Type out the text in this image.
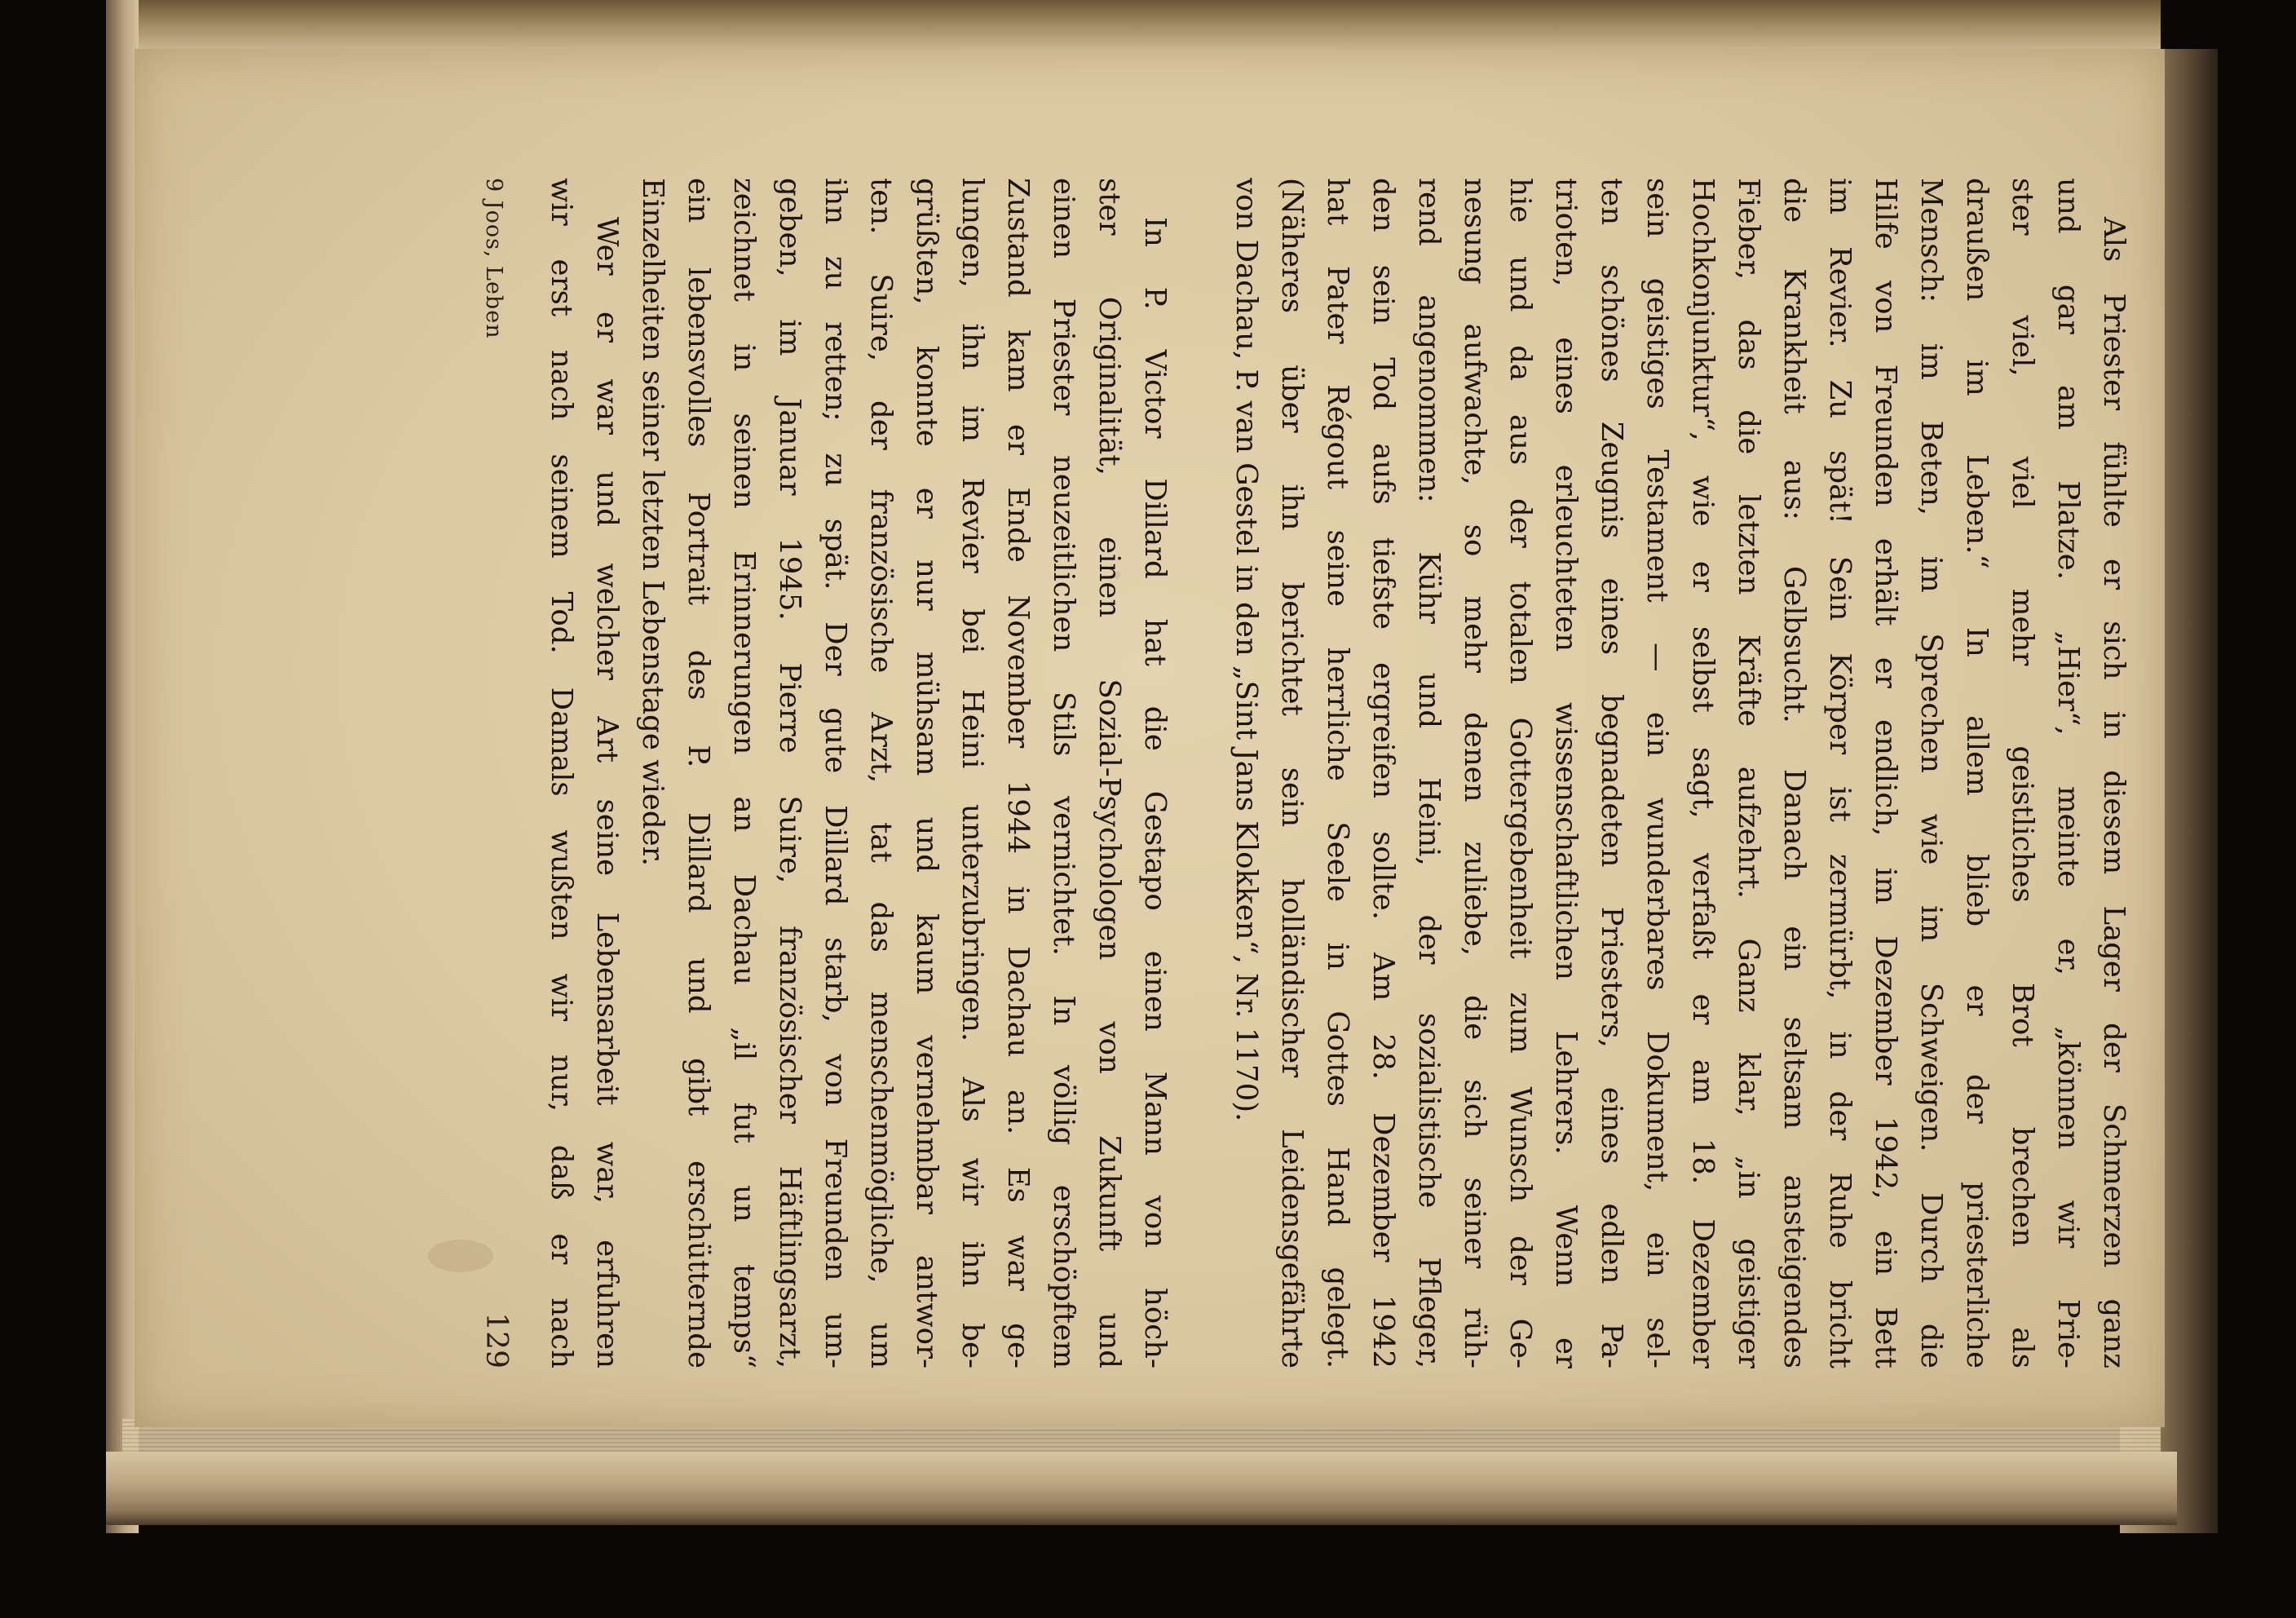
Als Priester fühlte er sich in diesem Lager der Schmerzen ganz
und gar am Platze. „Hier“, meinte er, „können wir Prie-
ster viel, viel mehr geistliches Brot brechen als
draußen im Leben.“ In allem blieb er der priesterliche
Mensch: im Beten, im Sprechen wie im Schweigen. Durch die
Hilfe von Freunden erhält er endlich, im Dezember 1942, ein Bett
im Revier. Zu spät! Sein Körper ist zermürbt, in der Ruhe bricht
die Krankheit aus: Gelbsucht. Danach ein seltsam ansteigendes
Fieber, das die letzten Kräfte aufzehrt. Ganz klar, „in geistiger
Hochkonjunktur“, wie er selbst sagt, verfaßt er am 18. Dezember
sein geistiges Testament — ein wunderbares Dokument, ein sel-
ten schönes Zeugnis eines begnadeten Priesters, eines edlen Pa-
trioten, eines erleuchteten wissenschaftlichen Lehrers. Wenn er
hie und da aus der totalen Gottergebenheit zum Wunsch der Ge-
nesung aufwachte, so mehr denen zuliebe, die sich seiner rüh-
rend angenommen: Kühr und Heini, der sozialistische Pfleger,
den sein Tod aufs tiefste ergreifen sollte. Am 28. Dezember 1942
hat Pater Régout seine herrliche Seele in Gottes Hand gelegt.
(Näheres über ihn berichtet sein holländischer Leidensgefährte
von Dachau, P. van Gestel in den „Sint Jans Klokken“, Nr. 1170).
In P. Victor Dillard hat die Gestapo einen Mann von höch-
ster Originalität, einen Sozial-Psychologen von Zukunft und
einen Priester neuzeitlichen Stils vernichtet. In völlig erschöpftem
Zustand kam er Ende November 1944 in Dachau an. Es war ge-
lungen, ihn im Revier bei Heini unterzubringen. Als wir ihn be-
grüßten, konnte er nur mühsam und kaum vernehmbar antwor-
ten. Suire, der französische Arzt, tat das menschenmögliche, um
ihn zu retten; zu spät. Der gute Dillard starb, von Freunden um-
geben, im Januar 1945. Pierre Suire, französischer Häftlingsarzt,
zeichnet in seinen Erinnerungen an Dachau „il fut un temps“
ein lebensvolles Portrait des P. Dillard und gibt erschütternde
Einzelheiten seiner letzten Lebenstage wieder.
Wer er war und welcher Art seine Lebensarbeit war, erfuhren
wir erst nach seinem Tod. Damals wußten wir nur, daß er nach
9 Joos, Leben
129
